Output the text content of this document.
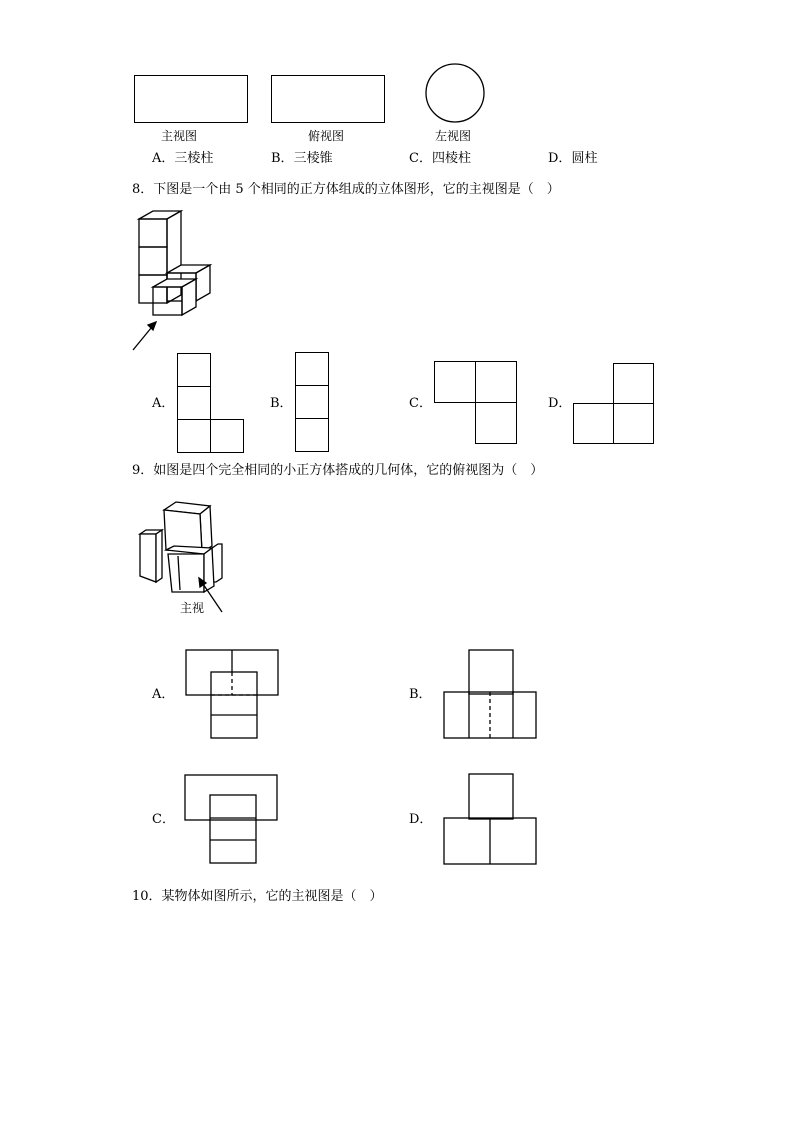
主视图	俯视图	左视图
A．三棱柱	B．三棱锥	C．四棱柱	D．圆柱
8．下图是一个由 5 个相同的正方体组成的立体图形，它的主视图是（　）
A．	B．	C．	D．
9．如图是四个完全相同的小正方体搭成的几何体，它的俯视图为（　）
主视
A．	B．
C．	D．
10．某物体如图所示，它的主视图是（　）
